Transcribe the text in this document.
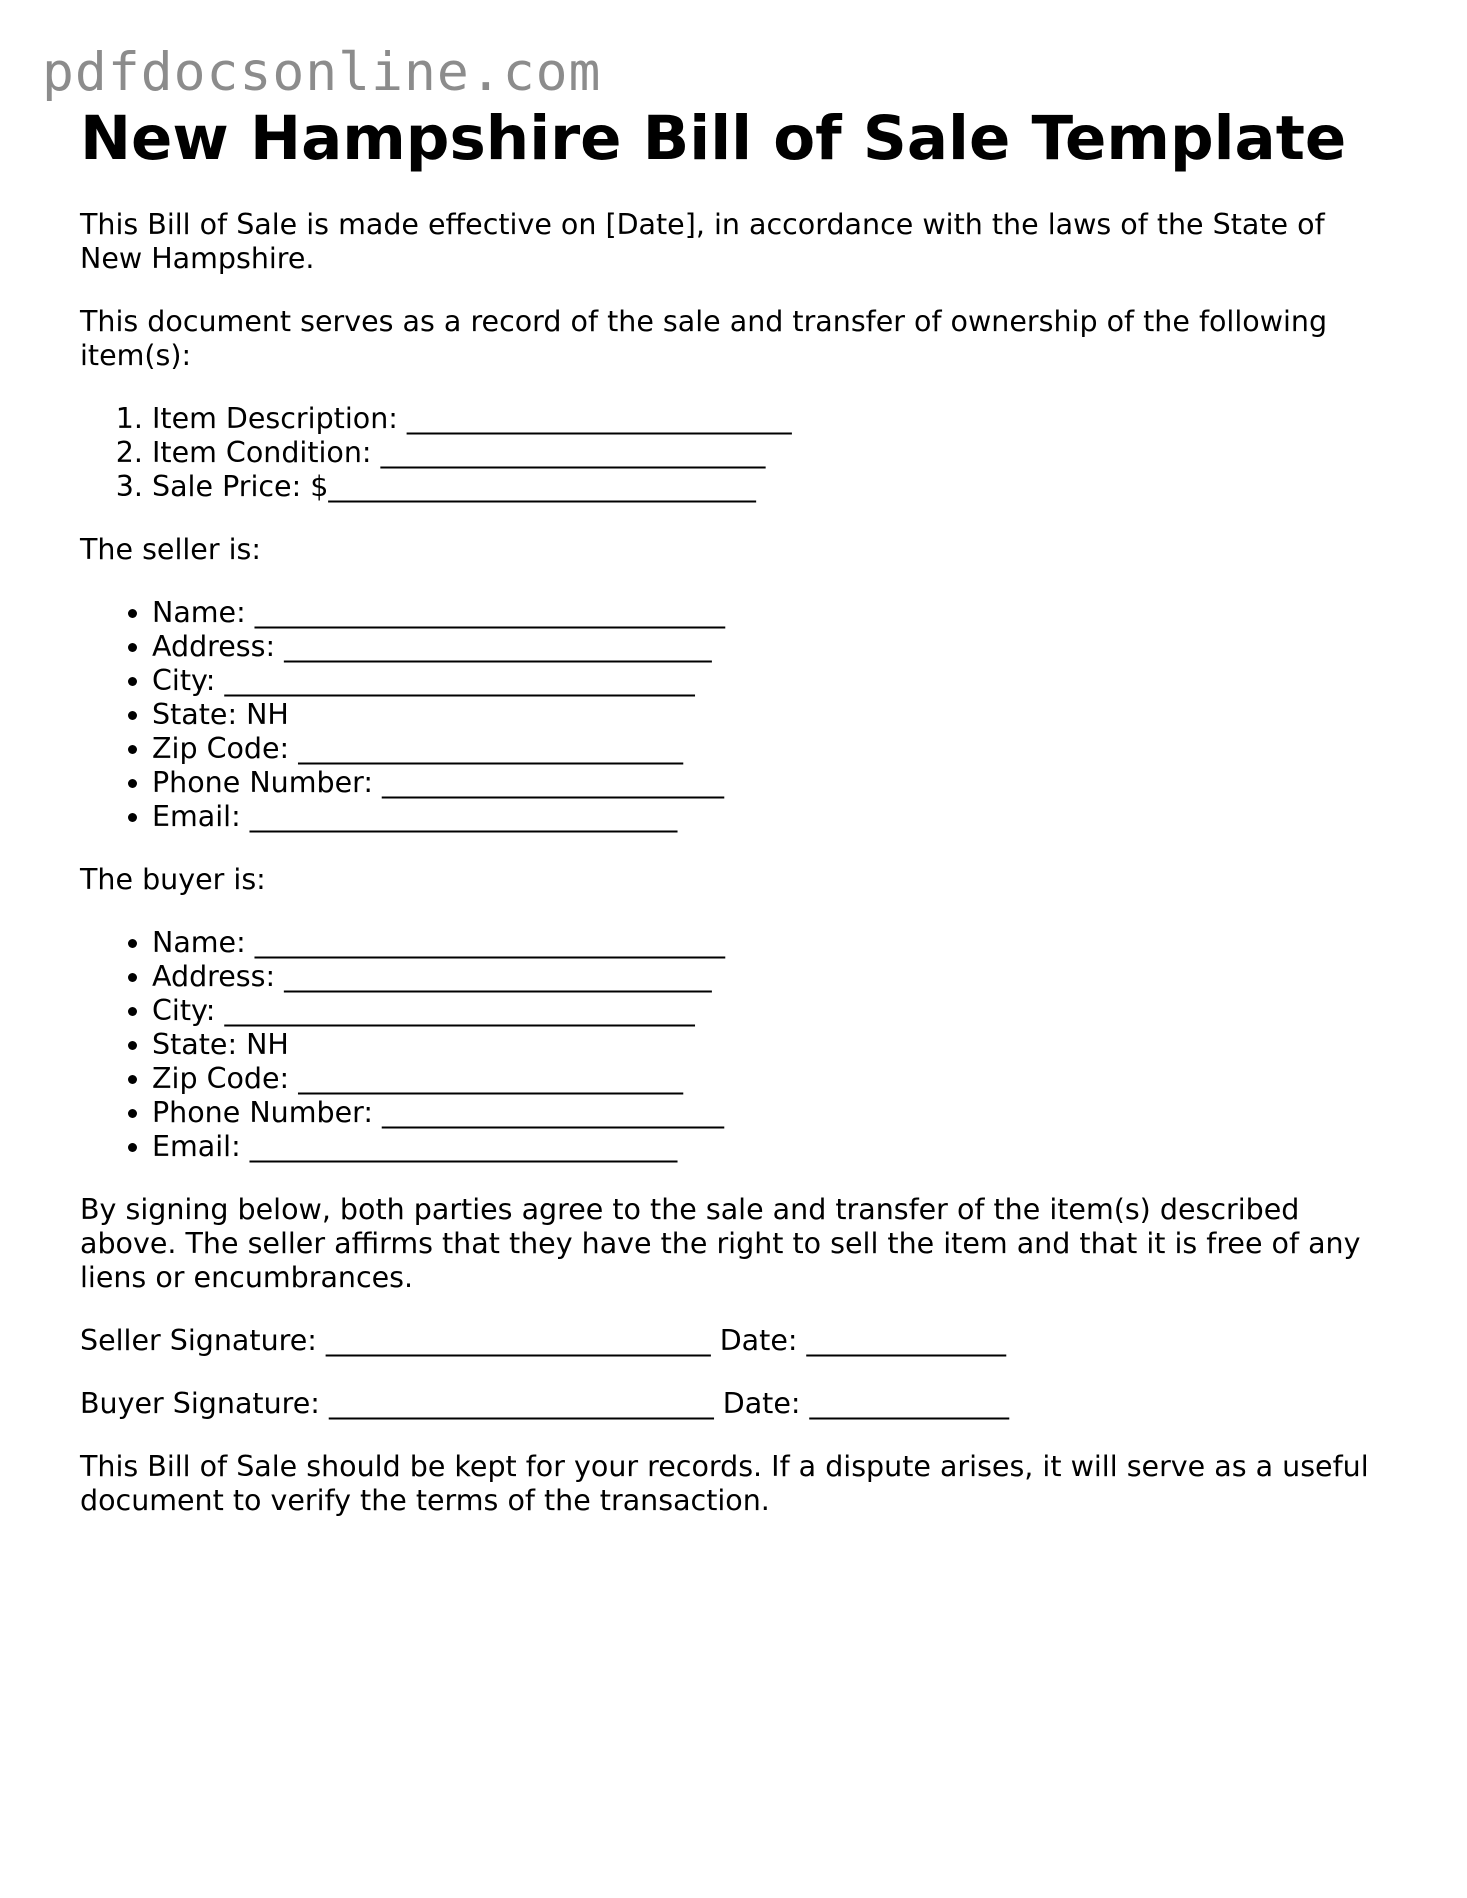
pdfdocsonline.com
New Hampshire Bill of Sale Template

This Bill of Sale is made effective on [Date], in accordance with the laws of the State of New Hampshire.

This document serves as a record of the sale and transfer of ownership of the following item(s):

1. Item Description: ___________________________
2. Item Condition: ___________________________
3. Sale Price: $______________________________

The seller is:

• Name: _________________________________
• Address: ______________________________
• City: _________________________________
• State: NH
• Zip Code: ___________________________
• Phone Number: ________________________
• Email: ______________________________

The buyer is:

• Name: _________________________________
• Address: ______________________________
• City: _________________________________
• State: NH
• Zip Code: ___________________________
• Phone Number: ________________________
• Email: ______________________________

By signing below, both parties agree to the sale and transfer of the item(s) described above. The seller affirms that they have the right to sell the item and that it is free of any liens or encumbrances.

Seller Signature: ___________________________ Date: ______________

Buyer Signature: ___________________________ Date: ______________

This Bill of Sale should be kept for your records. If a dispute arises, it will serve as a useful document to verify the terms of the transaction.
